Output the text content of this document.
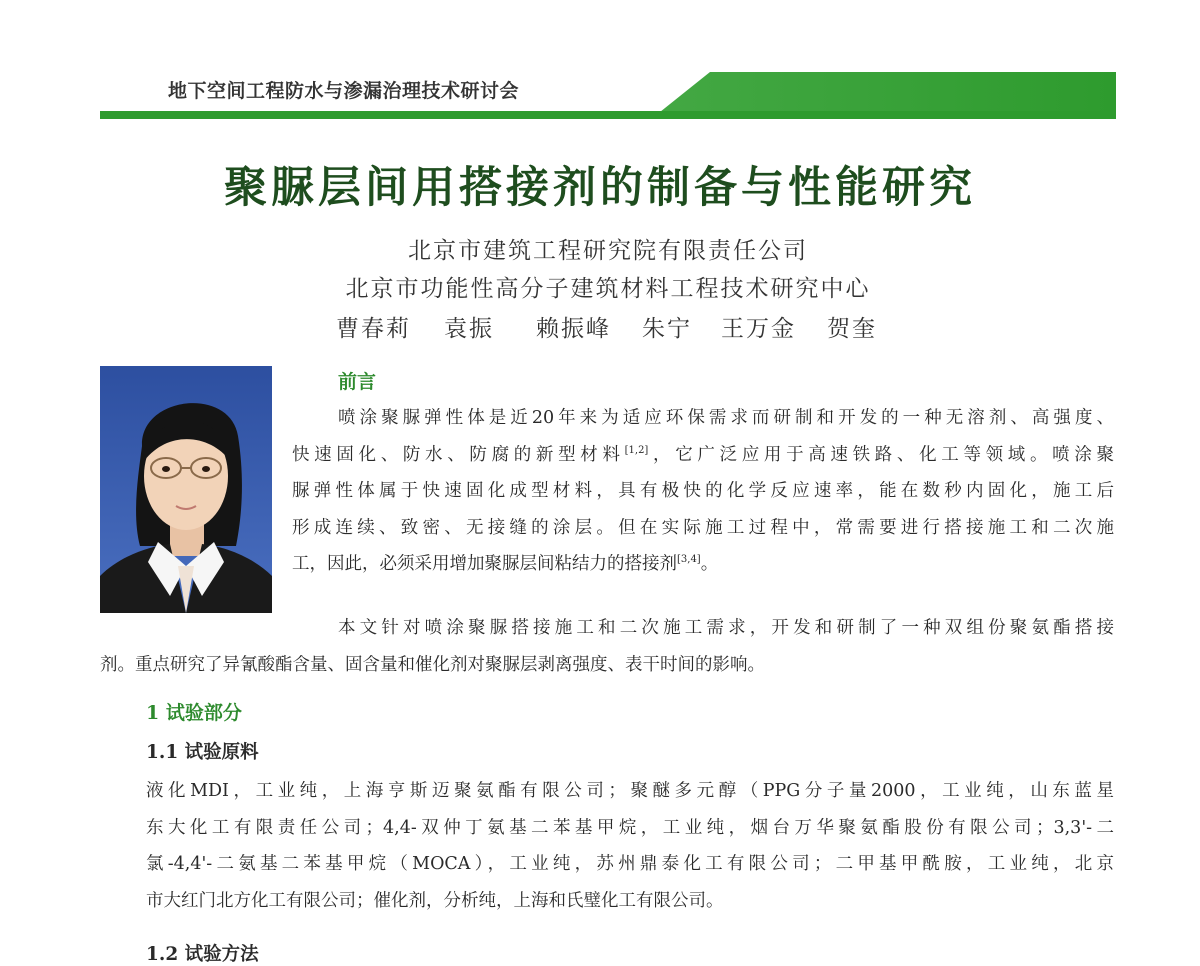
地下空间工程防水与渗漏治理技术研讨会
聚脲层间用搭接剂的制备与性能研究
北京市建筑工程研究院有限责任公司
北京市功能性高分子建筑材料工程技术研究中心
曹春莉 袁振 赖振峰 朱宁 王万金 贺奎
前言
喷涂聚脲弹性体是近20年来为适应环保需求而研制和开发的一种无溶剂、高强度、
快速固化、防水、防腐的新型材料[1,2]，它广泛应用于高速铁路、化工等领域。喷涂聚
脲弹性体属于快速固化成型材料，具有极快的化学反应速率，能在数秒内固化，施工后
形成连续、致密、无接缝的涂层。但在实际施工过程中，常需要进行搭接施工和二次施
工，因此，必须采用增加聚脲层间粘结力的搭接剂[3,4]。
本文针对喷涂聚脲搭接施工和二次施工需求，开发和研制了一种双组份聚氨酯搭接
剂。重点研究了异氰酸酯含量、固含量和催化剂对聚脲层剥离强度、表干时间的影响。
1 试验部分
1.1 试验原料
液化MDI，工业纯，上海亨斯迈聚氨酯有限公司；聚醚多元醇（PPG分子量2000，工业纯，山东蓝星
东大化工有限责任公司；4,4-双仲丁氨基二苯基甲烷，工业纯，烟台万华聚氨酯股份有限公司；3,3'-二
氯-4,4'-二氨基二苯基甲烷（MOCA），工业纯，苏州鼎泰化工有限公司；二甲基甲酰胺，工业纯，北京
市大红门北方化工有限公司；催化剂，分析纯，上海和氏璧化工有限公司。
1.2 试验方法
